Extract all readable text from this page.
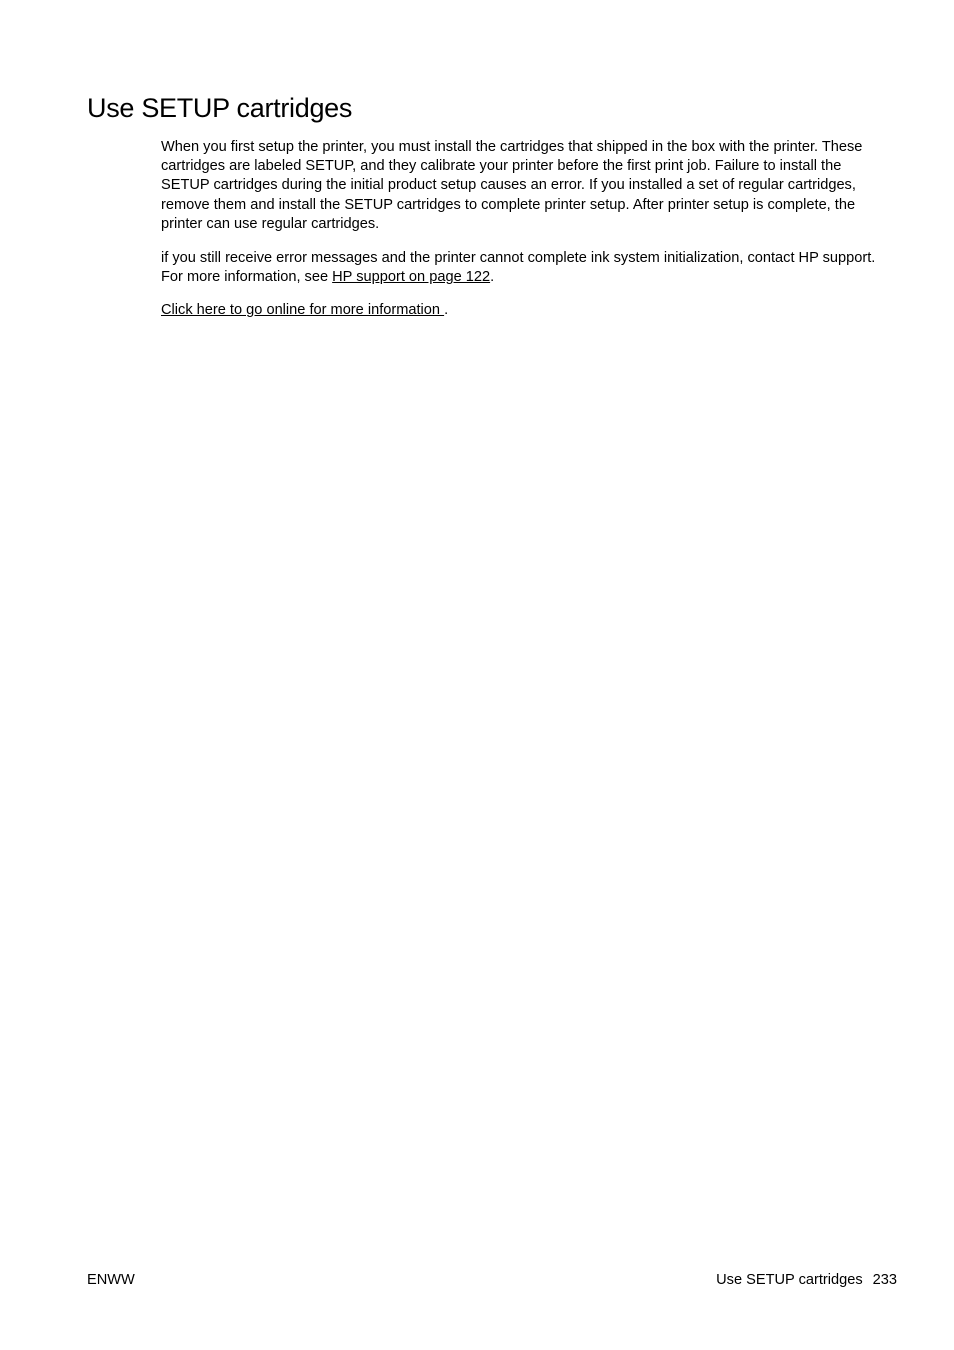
Use SETUP cartridges

When you first setup the printer, you must install the cartridges that shipped in the box with the printer. These cartridges are labeled SETUP, and they calibrate your printer before the first print job. Failure to install the SETUP cartridges during the initial product setup causes an error. If you installed a set of regular cartridges, remove them and install the SETUP cartridges to complete printer setup. After printer setup is complete, the printer can use regular cartridges.

if you still receive error messages and the printer cannot complete ink system initialization, contact HP support. For more information, see HP support on page 122.

Click here to go online for more information .

ENWW	Use SETUP cartridges 233
